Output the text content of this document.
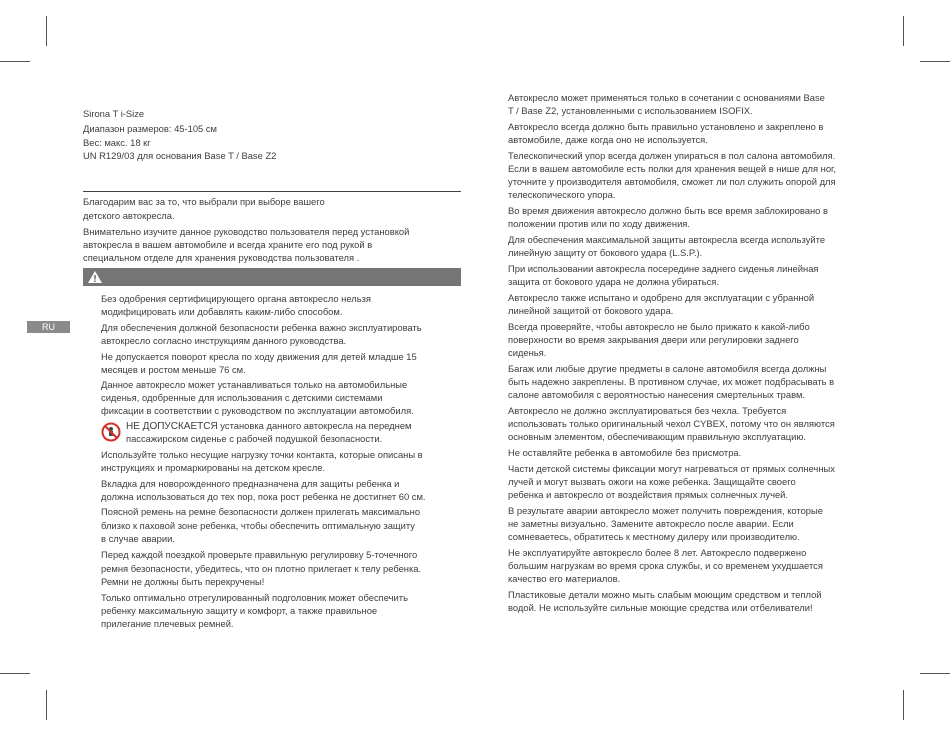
Sirona T i-Size
Диапазон размеров: 45-105 см
Вес: макс. 18 кг
UN R129/03 для основания Base T / Base Z2
Благодарим вас за то, что выбрали при выборе вашего
детского автокресла.
Внимательно изучите данное руководство пользователя перед установкой
автокресла в вашем автомобиле и всегда храните его под рукой в
специальном отделе для хранения руководства пользователя .
RU
Без одобрения сертифицирующего органа автокресло нельзя
модифицировать или добавлять каким-либо способом.
Для обеспечения должной безопасности ребенка важно эксплуатировать
автокресло согласно инструкциям данного руководства.
Не допускается поворот кресла по ходу движения для детей младше 15
месяцев и ростом меньше 76 см.
Данное автокресло может устанавливаться только на автомобильные
сиденья, одобренные для использования с детскими системами
фиксации в соответствии с руководством по эксплуатации автомобиля.
НЕ ДОПУСКАЕТСЯ установка данного автокресла на переднем
пассажирском сиденье с рабочей подушкой безопасности.
Используйте только несущие нагрузку точки контакта, которые описаны в
инструкциях и промаркированы на детском кресле.
Вкладка для новорожденного предназначена для защиты ребенка и
должна использоваться до тех пор, пока рост ребенка не достигнет 60 см.
Поясной ремень на ремне безопасности должен прилегать максимально
близко к паховой зоне ребенка, чтобы обеспечить оптимальную защиту
в случае аварии.
Перед каждой поездкой проверьте правильную регулировку 5-точечного
ремня безопасности, убедитесь, что он плотно прилегает к телу ребенка.
Ремни не должны быть перекручены!
Только оптимально отрегулированный подголовник может обеспечить
ребенку максимальную защиту и комфорт, а также правильное
прилегание плечевых ремней.
Автокресло может применяться только в сочетании с основаниями Base
T / Base Z2, установленными с использованием ISOFIX.
Автокресло всегда должно быть правильно установлено и закреплено в
автомобиле, даже когда оно не используется.
Телескопический упор всегда должен упираться в пол салона автомобиля.
Если в вашем автомобиле есть полки для хранения вещей в нише для ног,
уточните у производителя автомобиля, сможет ли пол служить опорой для
телескопического упора.
Во время движения автокресло должно быть все время заблокировано в
положении против или по ходу движения.
Для обеспечения максимальной защиты автокресла всегда используйте
линейную защиту от бокового удара (L.S.P.).
При использовании автокресла посередине заднего сиденья линейная
защита от бокового удара не должна убираться.
Автокресло также испытано и одобрено для эксплуатации с убранной
линейной защитой от бокового удара.
Всегда проверяйте, чтобы автокресло не было прижато к какой-либо
поверхности во время закрывания двери или регулировки заднего
сиденья.
Багаж или любые другие предметы в салоне автомобиля всегда должны
быть надежно закреплены. В противном случае, их может подбрасывать в
салоне автомобиля с вероятностью нанесения смертельных травм.
Автокресло не должно эксплуатироваться без чехла. Требуется
использовать только оригинальный чехол CYBEX, потому что он являются
основным элементом, обеспечивающим правильную эксплуатацию.
Не оставляйте ребенка в автомобиле без присмотра.
Части детской системы фиксации могут нагреваться от прямых солнечных
лучей и могут вызвать ожоги на коже ребенка. Защищайте своего
ребенка и автокресло от воздействия прямых солнечных лучей.
В результате аварии автокресло может получить повреждения, которые
не заметны визуально. Замените автокресло после аварии. Если
сомневаетесь, обратитесь к местному дилеру или производителю.
Не эксплуатируйте автокресло более 8 лет. Автокресло подвержено
большим нагрузкам во время срока службы, и со временем ухудшается
качество его материалов.
Пластиковые детали можно мыть слабым моющим средством и теплой
водой. Не используйте сильные моющие средства или отбеливатели!
